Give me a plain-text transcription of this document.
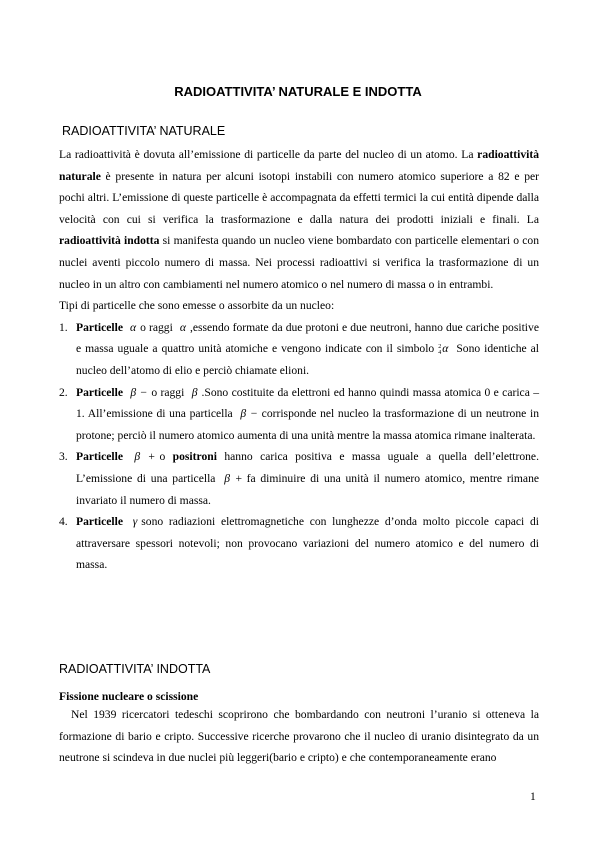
RADIOATTIVITA’ NATURALE E INDOTTA
RADIOATTIVITA’ NATURALE

La radioattività è dovuta all’emissione di particelle da parte del nucleo di un atomo. La radioattività naturale è presente in natura per alcuni isotopi instabili con numero atomico superiore a 82 e per pochi altri. L’emissione di queste particelle è accompagnata da effetti termici la cui entità dipende dalla velocità con cui si verifica la trasformazione e dalla natura dei prodotti iniziali e finali. La radioattività indotta si manifesta quando un nucleo viene bombardato con particelle elementari o con nuclei aventi piccolo numero di massa. Nei processi radioattivi si verifica la trasformazione di un nucleo in un altro con cambiamenti nel numero atomico o nel numero di massa o in entrambi.

Tipi di particelle che sono emesse o assorbite da un nucleo:

1. Particelle α o raggi α ,essendo formate da due protoni e due neutroni, hanno due cariche positive e massa uguale a quattro unità atomiche e vengono indicate con il simbolo 2
4α Sono identiche al nucleo dell’atomo di elio e perciò chiamate elioni.
2. Particelle β − o raggi β .Sono costituite da elettroni ed hanno quindi massa atomica 0 e carica – 1. All’emissione di una particella β − corrisponde nel nucleo la trasformazione di un neutrone in protone; perciò il numero atomico aumenta di una unità mentre la massa atomica rimane inalterata.
3. Particelle β + o positroni hanno carica positiva e massa uguale a quella dell’elettrone. L’emissione di una particella β + fa diminuire di una unità il numero atomico, mentre rimane invariato il numero di massa.
4. Particelle γ sono radiazioni elettromagnetiche con lunghezze d’onda molto piccole capaci di attraversare spessori notevoli; non provocano variazioni del numero atomico e del numero di massa.
RADIOATTIVITA’ INDOTTA
Fissione nucleare o scissione

Nel 1939 ricercatori tedeschi scoprirono che bombardando con neutroni l’uranio si otteneva la formazione di bario e cripto. Successive ricerche provarono che il nucleo di uranio disintegrato da un neutrone si scindeva in due nuclei più leggeri(bario e cripto) e che contemporaneamente erano

1
